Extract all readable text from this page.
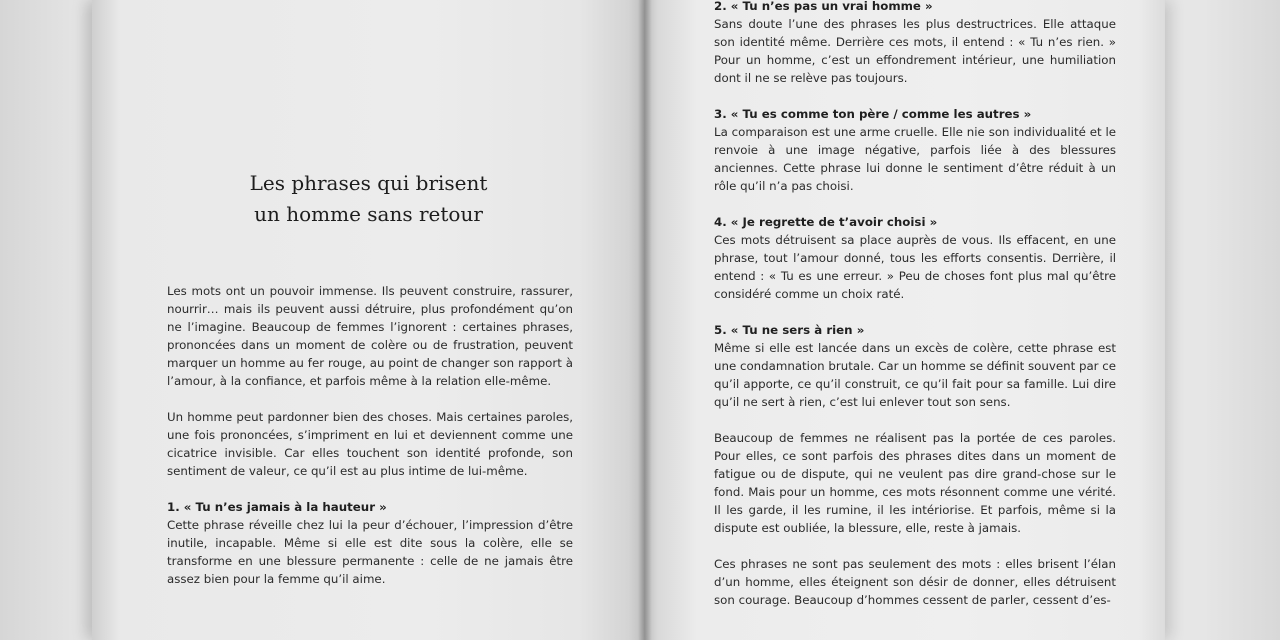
Les phrases qui brisent
un homme sans retour

Les mots ont un pouvoir immense. Ils peuvent construire, rassurer, nourrir… mais ils peuvent aussi détruire, plus profondément qu’on ne l’imagine. Beaucoup de femmes l’ignorent : certaines phrases, prononcées dans un moment de colère ou de frustration, peuvent marquer un homme au fer rouge, au point de changer son rapport à l’amour, à la confiance, et parfois même à la relation elle-même.

Un homme peut pardonner bien des choses. Mais certaines paroles, une fois prononcées, s’impriment en lui et deviennent comme une cicatrice invisible. Car elles touchent son identité profonde, son sentiment de valeur, ce qu’il est au plus intime de lui-même.

1. « Tu n’es jamais à la hauteur »

Cette phrase réveille chez lui la peur d’échouer, l’impression d’être inutile, incapable. Même si elle est dite sous la colère, elle se transforme en une blessure permanente : celle de ne jamais être assez bien pour la femme qu’il aime.

2. « Tu n’es pas un vrai homme »

Sans doute l’une des phrases les plus destructrices. Elle attaque son identité même. Derrière ces mots, il entend : « Tu n’es rien. » Pour un homme, c’est un effondrement intérieur, une humiliation dont il ne se relève pas toujours.

3. « Tu es comme ton père / comme les autres »

La comparaison est une arme cruelle. Elle nie son individualité et le renvoie à une image négative, parfois liée à des blessures anciennes. Cette phrase lui donne le sentiment d’être réduit à un rôle qu’il n’a pas choisi.

4. « Je regrette de t’avoir choisi »

Ces mots détruisent sa place auprès de vous. Ils effacent, en une phrase, tout l’amour donné, tous les efforts consentis. Derrière, il entend : « Tu es une erreur. » Peu de choses font plus mal qu’être considéré comme un choix raté.

5. « Tu ne sers à rien »

Même si elle est lancée dans un excès de colère, cette phrase est une condamnation brutale. Car un homme se définit souvent par ce qu’il apporte, ce qu’il construit, ce qu’il fait pour sa famille. Lui dire qu’il ne sert à rien, c’est lui enlever tout son sens.

Beaucoup de femmes ne réalisent pas la portée de ces paroles. Pour elles, ce sont parfois des phrases dites dans un moment de fatigue ou de dispute, qui ne veulent pas dire grand-chose sur le fond. Mais pour un homme, ces mots résonnent comme une vérité. Il les garde, il les rumine, il les intériorise. Et parfois, même si la dispute est oubliée, la blessure, elle, reste à jamais.

Ces phrases ne sont pas seulement des mots : elles brisent l’élan d’un homme, elles éteignent son désir de donner, elles détruisent son courage. Beaucoup d’hommes cessent de parler, cessent d’es-
